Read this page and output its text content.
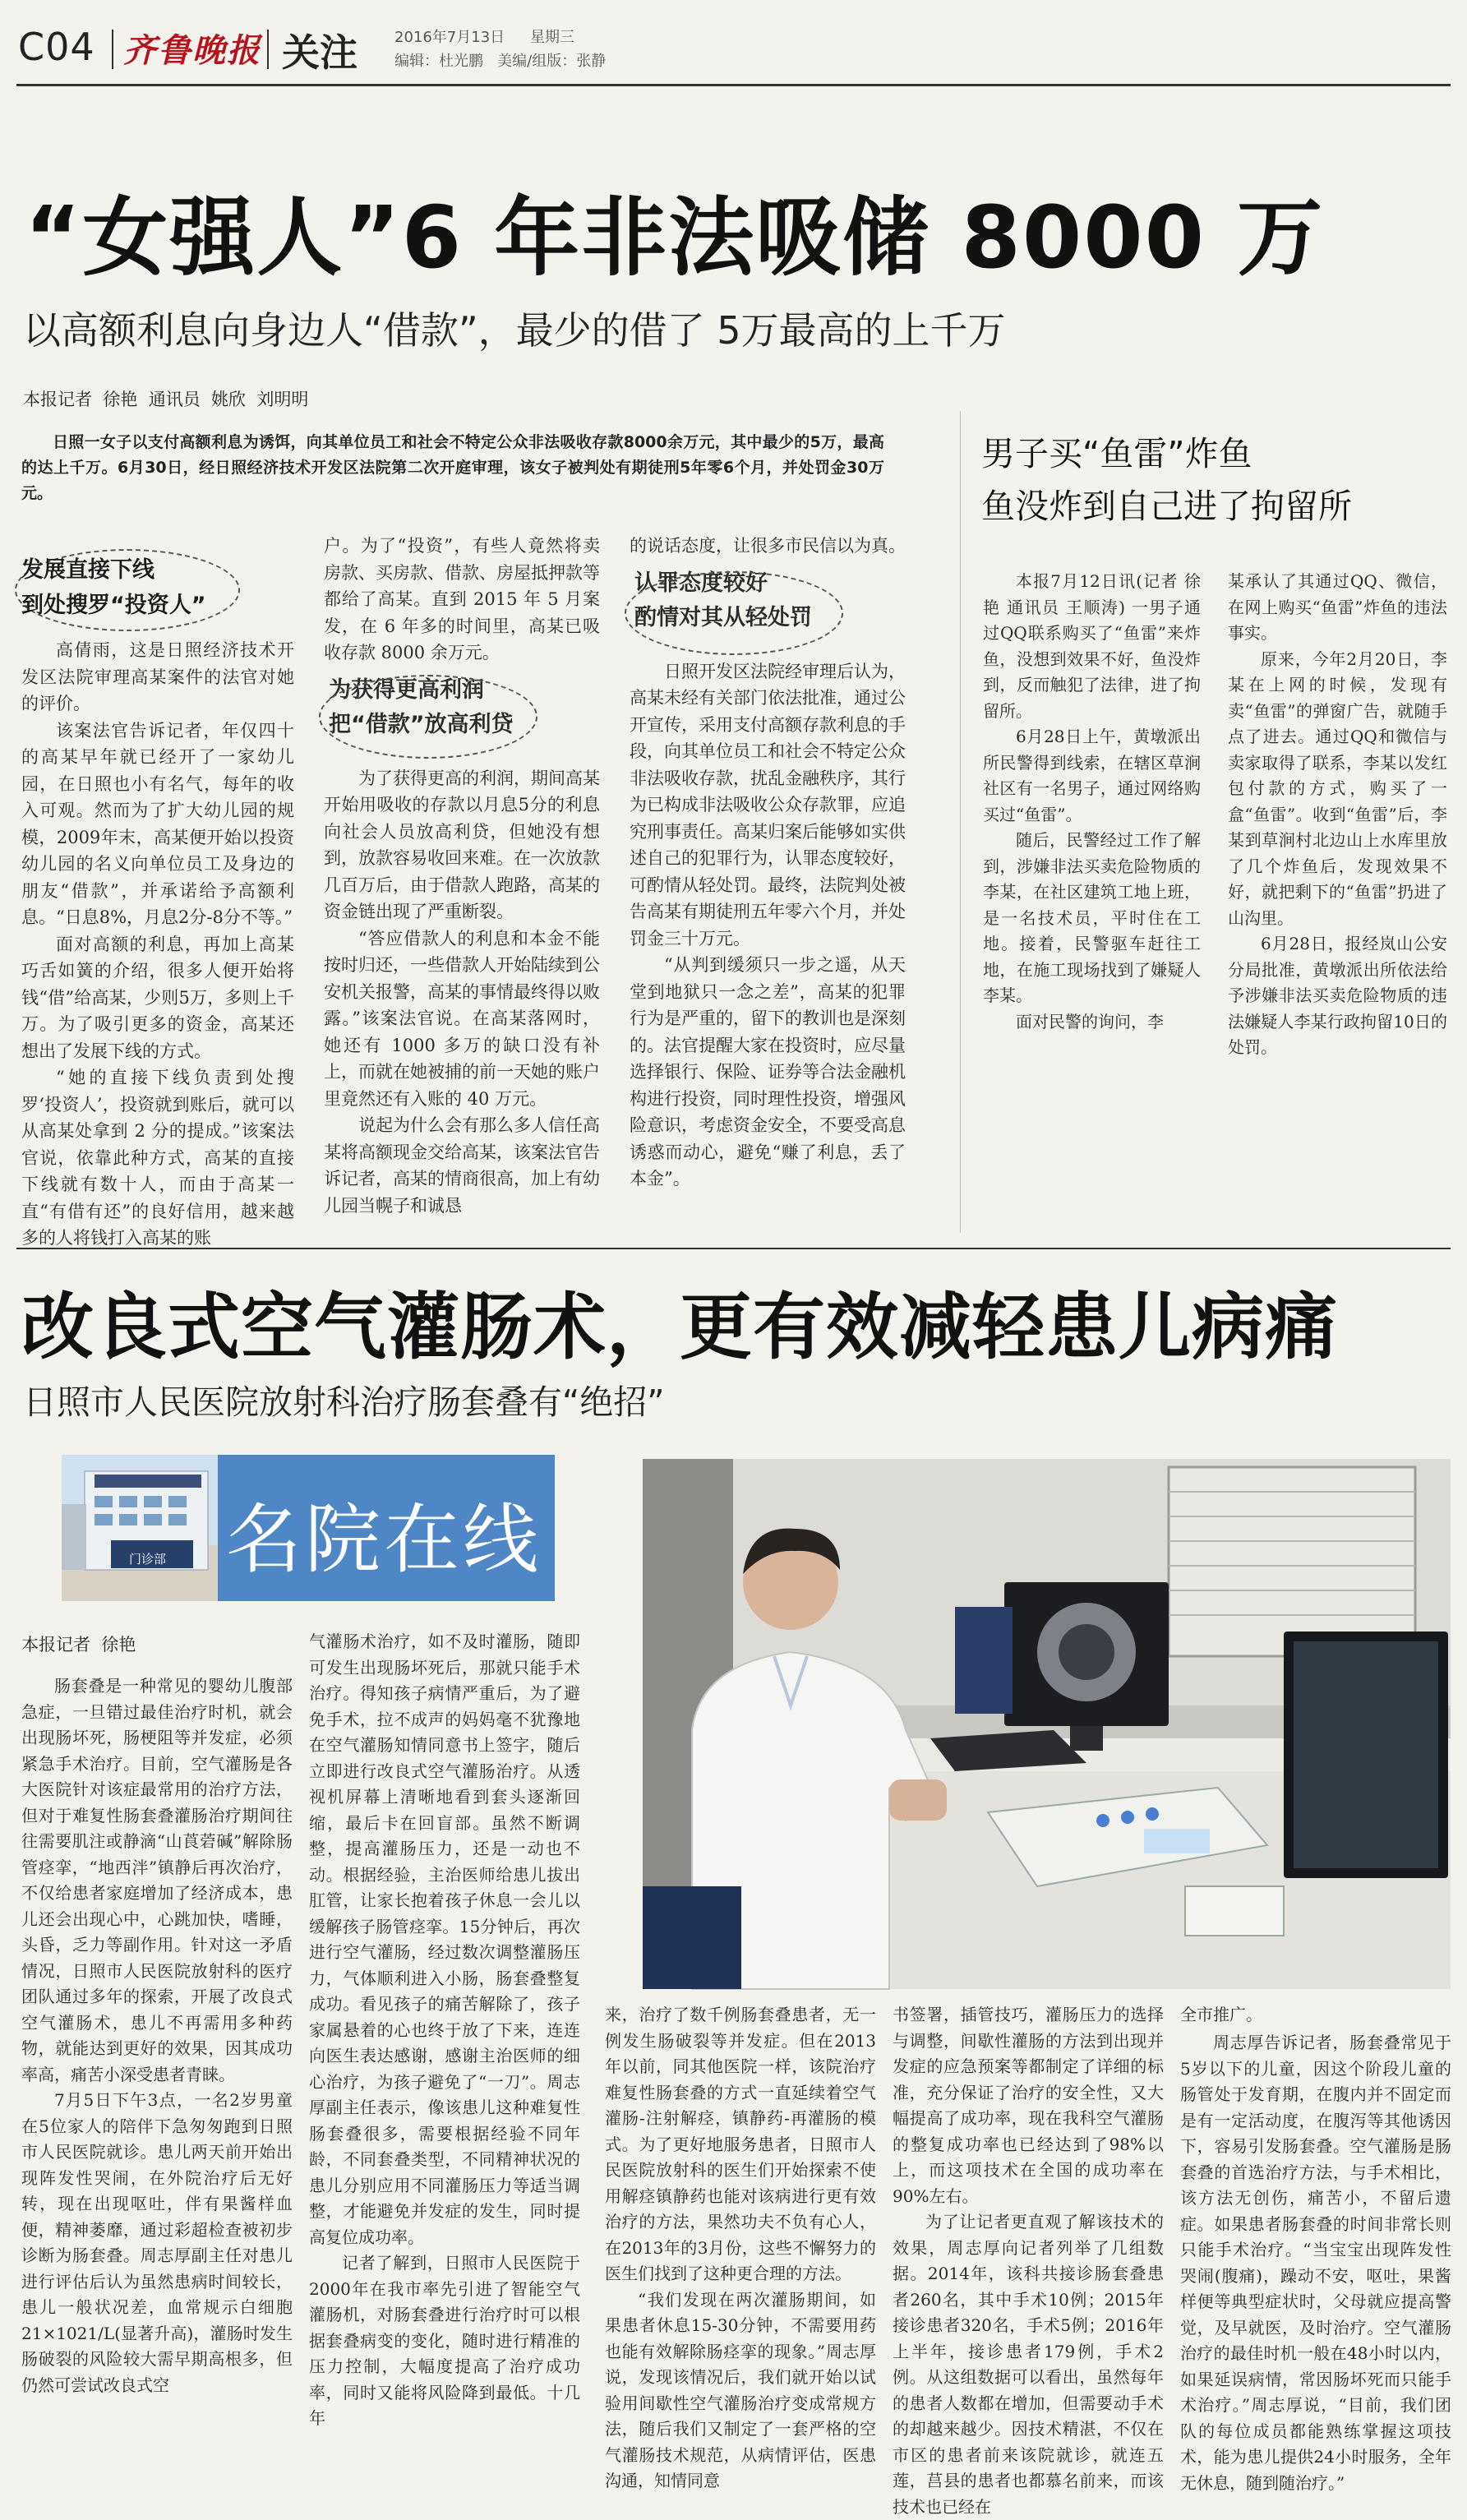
C04 齐鲁晚报 关注	2016年7月13日 星期三
编辑：杜光鹏   美编/组版：张静
“女强人”6 年非法吸储 8000 万
以高额利息向身边人“借款”，最少的借了 5万最高的上千万
本报记者  徐艳  通讯员  姚欣  刘明明
日照一女子以支付高额利息为诱饵，向其单位员工和社会不特定公众非法吸收存款8000余万元，其中最少的5万，最高的达上千万。6月30日，经日照经济技术开发区法院第二次开庭审理，该女子被判处有期徒刑5年零6个月，并处罚金30万元。
发展直接下线
到处搜罗“投资人”

高倩雨，这是日照经济技术开发区法院审理高某案件的法官对她的评价。

该案法官告诉记者，年仅四十的高某早年就已经开了一家幼儿园，在日照也小有名气，每年的收入可观。然而为了扩大幼儿园的规模，2009年末，高某便开始以投资幼儿园的名义向单位员工及身边的朋友“借款”，并承诺给予高额利息。“日息8%，月息2分-8分不等。”

面对高额的利息，再加上高某巧舌如簧的介绍，很多人便开始将钱“借”给高某，少则5万，多则上千万。为了吸引更多的资金，高某还想出了发展下线的方式。

“她的直接下线负责到处搜罗‘投资人’，投资就到账后，就可以从高某处拿到 2 分的提成。”该案法官说，依靠此种方式，高某的直接下线就有数十人，而由于高某一直“有借有还”的良好信用，越来越多的人将钱打入高某的账

户。为了“投资”，有些人竟然将卖房款、买房款、借款、房屋抵押款等都给了高某。直到 2015 年 5 月案发，在 6 年多的时间里，高某已吸收存款 8000 余万元。

为获得更高利润
把“借款”放高利贷

为了获得更高的利润，期间高某开始用吸收的存款以月息5分的利息向社会人员放高利贷，但她没有想到，放款容易收回来难。在一次放款几百万后，由于借款人跑路，高某的资金链出现了严重断裂。

“答应借款人的利息和本金不能按时归还，一些借款人开始陆续到公安机关报警，高某的事情最终得以败露。”该案法官说。在高某落网时，她还有 1000 多万的缺口没有补上，而就在她被捕的前一天她的账户里竟然还有入账的 40 万元。

说起为什么会有那么多人信任高某将高额现金交给高某，该案法官告诉记者，高某的情商很高，加上有幼儿园当幌子和诚恳

的说话态度，让很多市民信以为真。

认罪态度较好
酌情对其从轻处罚

日照开发区法院经审理后认为，高某未经有关部门依法批准，通过公开宣传，采用支付高额存款利息的手段，向其单位员工和社会不特定公众非法吸收存款，扰乱金融秩序，其行为已构成非法吸收公众存款罪，应追究刑事责任。高某归案后能够如实供述自己的犯罪行为，认罪态度较好，可酌情从轻处罚。最终，法院判处被告高某有期徒刑五年零六个月，并处罚金三十万元。

“从判到缓须只一步之遥，从天堂到地狱只一念之差”，高某的犯罪行为是严重的，留下的教训也是深刻的。法官提醒大家在投资时，应尽量选择银行、保险、证券等合法金融机构进行投资，同时理性投资，增强风险意识，考虑资金安全，不要受高息诱惑而动心，避免“赚了利息，丢了本金”。

男子买“鱼雷”炸鱼
鱼没炸到自己进了拘留所

本报7月12日讯(记者 徐艳 通讯员 王顺涛) 一男子通过QQ联系购买了“鱼雷”来炸鱼，没想到效果不好，鱼没炸到，反而触犯了法律，进了拘留所。

6月28日上午，黄墩派出所民警得到线索，在辖区草涧社区有一名男子，通过网络购买过“鱼雷”。

随后，民警经过工作了解到，涉嫌非法买卖危险物质的李某，在社区建筑工地上班，是一名技术员，平时住在工地。接着，民警驱车赶往工地，在施工现场找到了嫌疑人李某。

面对民警的询问，李

某承认了其通过QQ、微信，在网上购买“鱼雷”炸鱼的违法事实。

原来，今年2月20日，李某在上网的时候，发现有卖“鱼雷”的弹窗广告，就随手点了进去。通过QQ和微信与卖家取得了联系，李某以发红包付款的方式，购买了一盒“鱼雷”。收到“鱼雷”后，李某到草涧村北边山上水库里放了几个炸鱼后，发现效果不好，就把剩下的“鱼雷”扔进了山沟里。

6月28日，报经岚山公安分局批准，黄墩派出所依法给予涉嫌非法买卖危险物质的违法嫌疑人李某行政拘留10日的处罚。

改良式空气灌肠术，更有效减轻患儿病痛
日照市人民医院放射科治疗肠套叠有“绝招”
门诊部 名院在线
本报记者  徐艳

肠套叠是一种常见的婴幼儿腹部急症，一旦错过最佳治疗时机，就会出现肠坏死，肠梗阻等并发症，必须紧急手术治疗。目前，空气灌肠是各大医院针对该症最常用的治疗方法，但对于难复性肠套叠灌肠治疗期间往往需要肌注或静滴“山莨菪碱”解除肠管痉挛，“地西泮”镇静后再次治疗，不仅给患者家庭增加了经济成本，患儿还会出现心中，心跳加快，嗜睡，头昏，乏力等副作用。针对这一矛盾情况，日照市人民医院放射科的医疗团队通过多年的探索，开展了改良式空气灌肠术，患儿不再需用多种药物，就能达到更好的效果，因其成功率高，痛苦小深受患者青睐。

7月5日下午3点，一名2岁男童在5位家人的陪伴下急匆匆跑到日照市人民医院就诊。患儿两天前开始出现阵发性哭闹，在外院治疗后无好转，现在出现呕吐，伴有果酱样血便，精神萎靡，通过彩超检查被初步诊断为肠套叠。周志厚副主任对患儿进行评估后认为虽然患病时间较长，患儿一般状况差，血常规示白细胞21×1021/L(显著升高)，灌肠时发生肠破裂的风险较大需早期高根多，但仍然可尝试改良式空

气灌肠术治疗，如不及时灌肠，随即可发生出现肠坏死后，那就只能手术治疗。得知孩子病情严重后，为了避免手术，拉不成声的妈妈毫不犹豫地在空气灌肠知情同意书上签字，随后立即进行改良式空气灌肠治疗。从透视机屏幕上清晰地看到套头逐渐回缩，最后卡在回盲部。虽然不断调整，提高灌肠压力，还是一动也不动。根据经验，主治医师给患儿拔出肛管，让家长抱着孩子休息一会儿以缓解孩子肠管痉挛。15分钟后，再次进行空气灌肠，经过数次调整灌肠压力，气体顺利进入小肠，肠套叠整复成功。看见孩子的痛苦解除了，孩子家属悬着的心也终于放了下来，连连向医生表达感谢，感谢主治医师的细心治疗，为孩子避免了“一刀”。周志厚副主任表示，像该患儿这种难复性肠套叠很多，需要根据经验不同年龄，不同套叠类型，不同精神状况的患儿分别应用不同灌肠压力等适当调整，才能避免并发症的发生，同时提高复位成功率。

记者了解到，日照市人民医院于2000年在我市率先引进了智能空气灌肠机，对肠套叠进行治疗时可以根据套叠病变的变化，随时进行精准的压力控制，大幅度提高了治疗成功率，同时又能将风险降到最低。十几年

来，治疗了数千例肠套叠患者，无一例发生肠破裂等并发症。但在2013年以前，同其他医院一样，该院治疗难复性肠套叠的方式一直延续着空气灌肠-注射解痉，镇静药-再灌肠的模式。为了更好地服务患者，日照市人民医院放射科的医生们开始探索不使用解痉镇静药也能对该病进行更有效治疗的方法，果然功夫不负有心人，在2013年的3月份，这些不懈努力的医生们找到了这种更合理的方法。

“我们发现在两次灌肠期间，如果患者休息15-30分钟，不需要用药也能有效解除肠痉挛的现象。”周志厚说，发现该情况后，我们就开始以试验用间歇性空气灌肠治疗变成常规方法，随后我们又制定了一套严格的空气灌肠技术规范，从病情评估，医患沟通，知情同意

书签署，插管技巧，灌肠压力的选择与调整，间歇性灌肠的方法到出现并发症的应急预案等都制定了详细的标准，充分保证了治疗的安全性，又大幅提高了成功率，现在我科空气灌肠的整复成功率也已经达到了98%以上，而这项技术在全国的成功率在90%左右。

为了让记者更直观了解该技术的效果，周志厚向记者列举了几组数据。2014年，该科共接诊肠套叠患者260名，其中手术10例；2015年接诊患者320名，手术5例；2016年上半年，接诊患者179例，手术2例。从这组数据可以看出，虽然每年的患者人数都在增加，但需要动手术的却越来越少。因技术精湛，不仅在市区的患者前来该院就诊，就连五莲，莒县的患者也都慕名前来，而该技术也已经在

全市推广。

周志厚告诉记者，肠套叠常见于5岁以下的儿童，因这个阶段儿童的肠管处于发育期，在腹内并不固定而是有一定活动度，在腹泻等其他诱因下，容易引发肠套叠。空气灌肠是肠套叠的首选治疗方法，与手术相比，该方法无创伤，痛苦小，不留后遗症。如果患者肠套叠的时间非常长则只能手术治疗。“当宝宝出现阵发性哭闹(腹痛)，躁动不安，呕吐，果酱样便等典型症状时，父母就应提高警觉，及早就医，及时治疗。空气灌肠治疗的最佳时机一般在48小时以内，如果延误病情，常因肠坏死而只能手术治疗。”周志厚说，“目前，我们团队的每位成员都能熟练掌握这项技术，能为患儿提供24小时服务，全年无休息，随到随治疗。”
